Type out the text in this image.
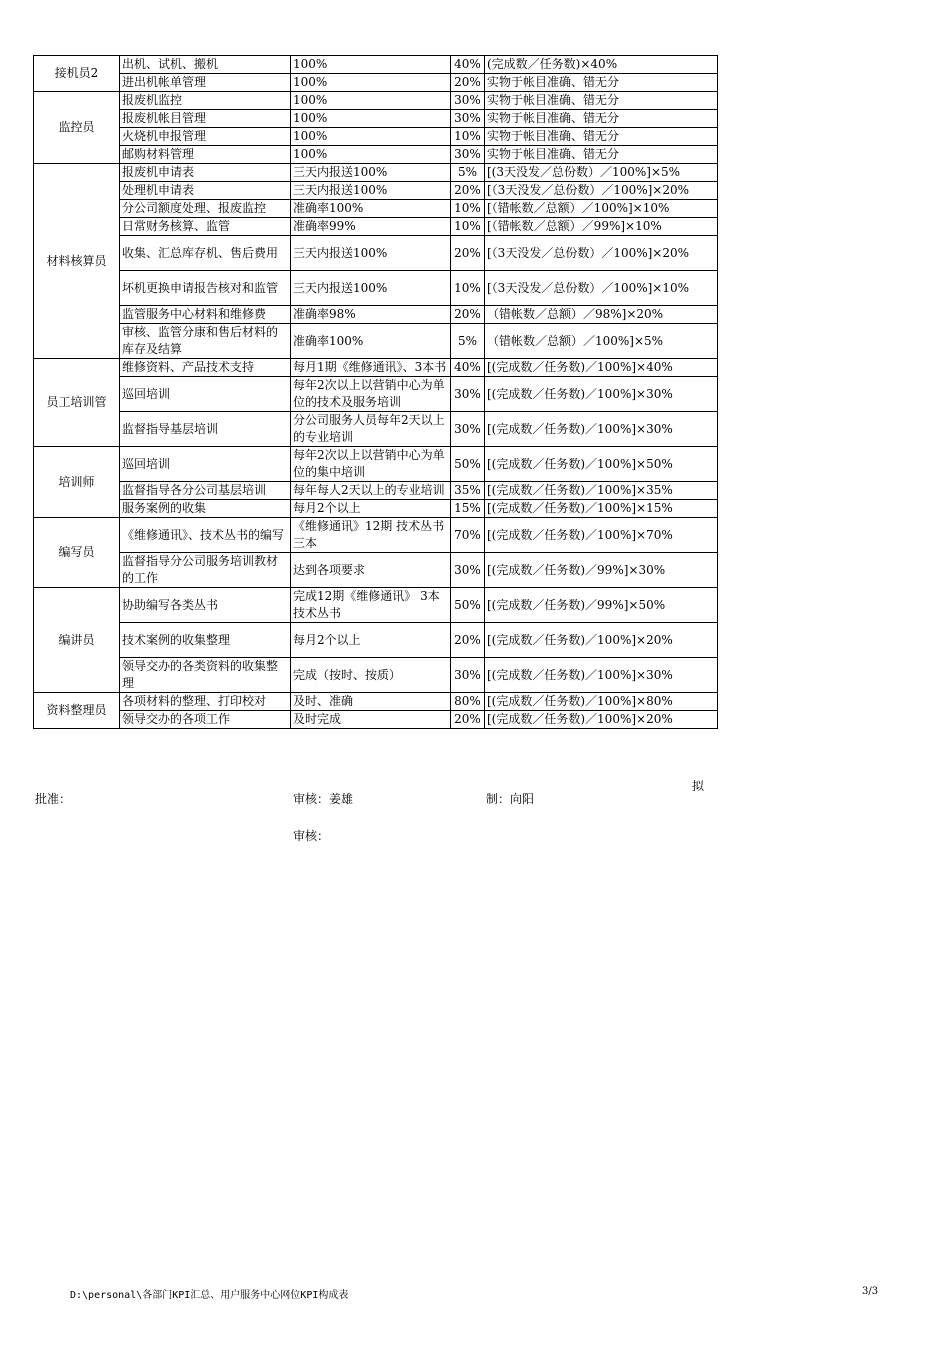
接机员2	出机、试机、搬机	100%	40%	(完成数／任务数)×40%
	进出机帐单管理	100%	20%	实物于帐目准确、错无分
监控员	报废机监控	100%	30%	实物于帐目准确、错无分
	报废机帐目管理	100%	30%	实物于帐目准确、错无分
	火烧机申报管理	100%	10%	实物于帐目准确、错无分
	邮购材料管理	100%	30%	实物于帐目准确、错无分
材料核算员	报废机申请表	三天内报送100%	5%	[(3天没发／总份数）／100%]×5%
	处理机申请表	三天内报送100%	20%	[（3天没发／总份数）／100%]×20%
	分公司额度处理、报废监控	准确率100%	10%	[（错帐数／总额）／100%]×10%
	日常财务核算、监管	准确率99%	10%	[（错帐数／总额）／99%]×10%
	收集、汇总库存机、售后费用	三天内报送100%	20%	[（3天没发／总份数）／100%]×20%
	坏机更换申请报告核对和监管	三天内报送100%	10%	[（3天没发／总份数）／100%]×10%
	监管服务中心材料和维修费	准确率98%	20%	（错帐数／总额）／98%]×20%
	审核、监管分康和售后材料的库存及结算	准确率100%	5%	（错帐数／总额）／100%]×5%
员工培训管	维修资料、产品技术支持	每月1期《维修通讯》、3本书	40%	[(完成数／任务数)／100%]×40%
	巡回培训	每年2次以上以营销中心为单位的技术及服务培训	30%	[(完成数／任务数)／100%]×30%
	监督指导基层培训	分公司服务人员每年2天以上的专业培训	30%	[(完成数／任务数)／100%]×30%
培训师	巡回培训	每年2次以上以营销中心为单位的集中培训	50%	[(完成数／任务数)／100%]×50%
	监督指导各分公司基层培训	每年每人2天以上的专业培训	35%	[(完成数／任务数)／100%]×35%
	服务案例的收集	每月2个以上	15%	[(完成数／任务数)／100%]×15%
编写员	《维修通讯》、技术丛书的编写	《维修通讯》12期 技术丛书三本	70%	[(完成数／任务数)／100%]×70%
	监督指导分公司服务培训教材的工作	达到各项要求	30%	[(完成数／任务数)／99%]×30%
编讲员	协助编写各类丛书	完成12期《维修通讯》 3本技术丛书	50%	[(完成数／任务数)／99%]×50%
	技术案例的收集整理	每月2个以上	20%	[(完成数／任务数)／100%]×20%
	领导交办的各类资料的收集整理	完成（按时、按质）	30%	[(完成数／任务数)／100%]×30%
资料整理员	各项材料的整理、打印校对	及时、准确	80%	[(完成数／任务数)／100%]×80%
	领导交办的各项工作	及时完成	20%	[(完成数／任务数)／100%]×20%
批准：	审核：姜雄
拟
制：向阳
审核：
D:\personal\各部门KPI汇总、用户服务中心网位KPI构成表	3/3
